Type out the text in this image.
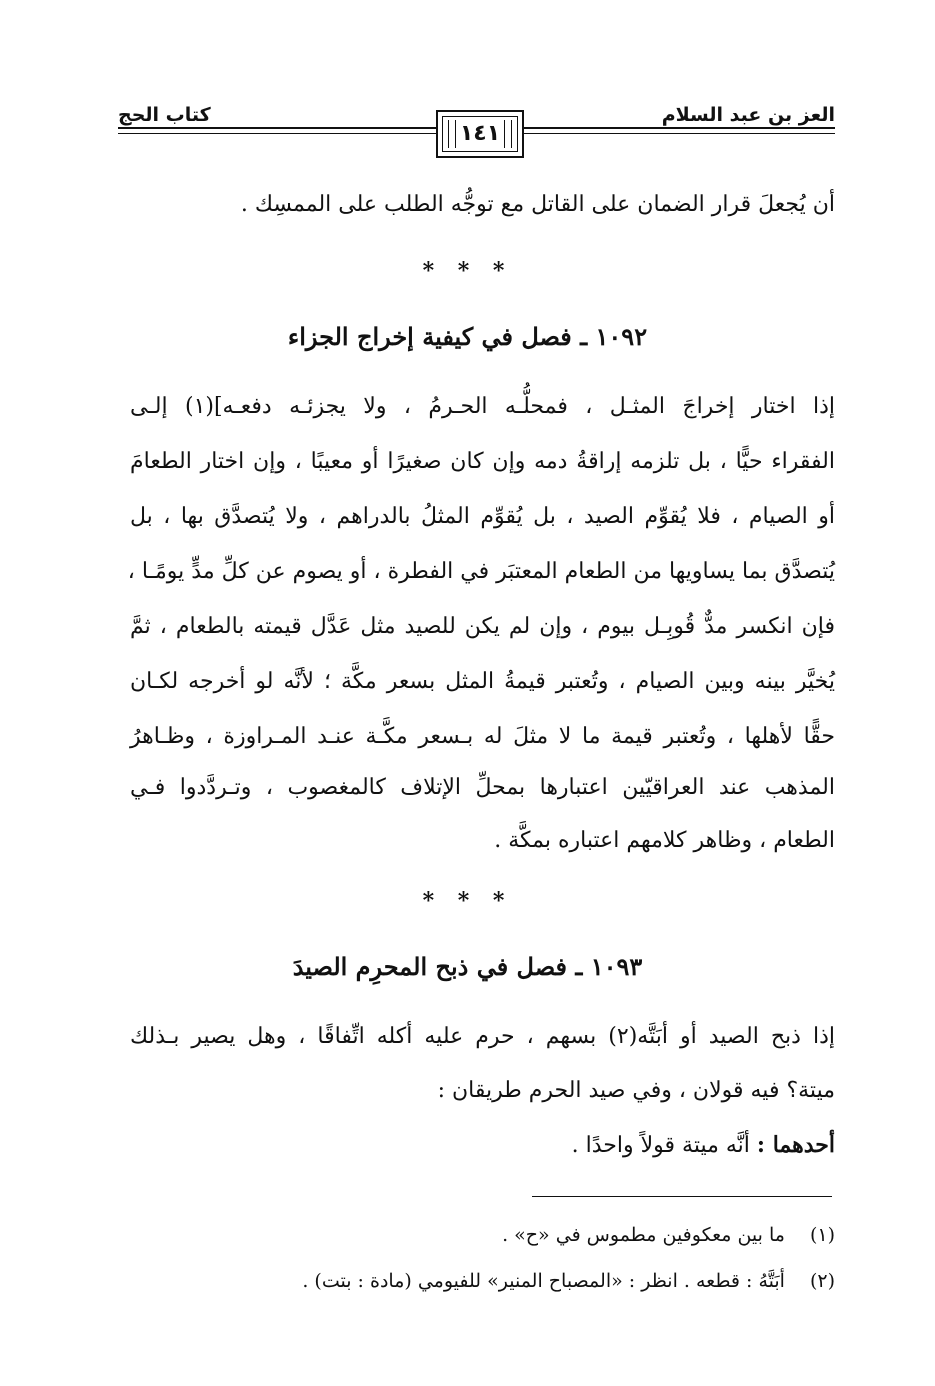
العز بن عبد السلام
كتاب الحج
١٤١
أن يُجعلَ قرار الضمان على القاتل مع توجُّه الطلب على الممسِك .
* * *
١٠٩٢ ـ فصل في كيفية إخراج الجزاء
إذا اختار إخراجَ المثـل ، فمحلُّـه الحـرمُ ، ولا يجزئـه دفعـه](١) إلـى
الفقراء حيًّا ، بل تلزمه إراقةُ دمه وإن كان صغيرًا أو معيبًا ، وإن اختار الطعامَ
أو الصيام ، فلا يُقوِّم الصيد ، بل يُقوِّم المثلُ بالدراهم ، ولا يُتصدَّق بها ، بل
يُتصدَّق بما يساويها من الطعام المعتبَر في الفطرة ، أو يصوم عن كلِّ مدٍّ يومًـا ،
فإن انكسر مدٌّ قُوبِـل بيوم ، وإن لم يكن للصيد مثل عَدَّل قيمته بالطعام ، ثمَّ
يُخيَّر بينه وبين الصيام ، وتُعتبر قيمةُ المثل بسعر مكَّة ؛ لأنَّه لو أخرجه لكـان
حقًّا لأهلها ، وتُعتبر قيمة ما لا مثلَ له بـسعر مكَّـة عنـد المـراوزة ، وظـاهرُ
المذهب عند العراقيّين اعتبارها بمحلِّ الإتلاف كالمغصوب ، وتـردَّدوا فـي
الطعام ، وظاهر كلامهم اعتباره بمكَّة .
* * *
١٠٩٣ ـ فصل في ذبح المحرِم الصيدَ
إذا ذبح الصيد أو أبَتَّه(٢) بسهم ، حرم عليه أكله اتِّفاقًا ، وهل يصير بـذلك
ميتة؟ فيه قولان ، وفي صيد الحرم طريقان :
أحدهما : أنَّه ميتة قولاً واحدًا .
(١) ما بين معكوفين مطموس في «ح» .
(٢) أبَتَّهُ : قطعه . انظر : «المصباح المنير» للفيومي (مادة : بتت) .
